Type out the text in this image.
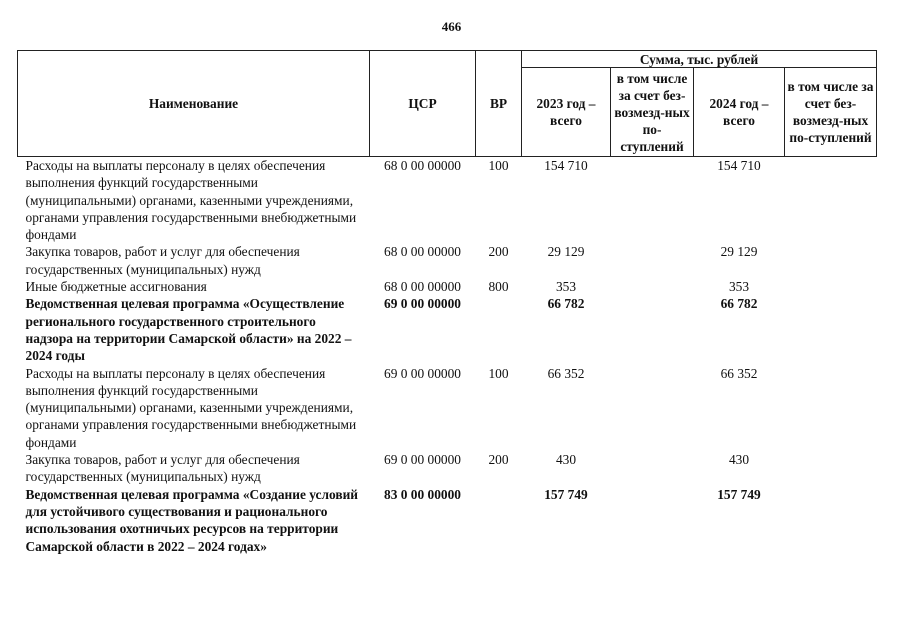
466
Наименование	ЦСР	ВР	Сумма, тыс. рублей			
			2023 год – всего	в том числе за счет без-возмезд-ных по-ступлений	2024 год – всего	в том числе за счет без-возмезд-ных по-ступлений
Расходы на выплаты персоналу в целях обеспечения выполнения функций государственными (муниципальными) органами, казенными учреждениями, органами управления государственными внебюджетными фондами	68 0 00 00000	100	154 710		154 710	
Закупка товаров, работ и услуг для обеспечения государственных (муниципальных) нужд	68 0 00 00000	200	29 129		29 129	
Иные бюджетные ассигнования	68 0 00 00000	800	353		353	
Ведомственная целевая программа «Осуществление регионального государственного строительного надзора на территории Самарской области» на 2022 – 2024 годы	69 0 00 00000		66 782		66 782	
Расходы на выплаты персоналу в целях обеспечения выполнения функций государственными (муниципальными) органами, казенными учреждениями, органами управления государственными внебюджетными фондами	69 0 00 00000	100	66 352		66 352	
Закупка товаров, работ и услуг для обеспечения государственных (муниципальных) нужд	69 0 00 00000	200	430		430	
Ведомственная целевая программа «Создание условий для устойчивого существования и рационального использования охотничьих ресурсов на территории Самарской области в 2022 – 2024 годах»	83 0 00 00000		157 749		157 749	
